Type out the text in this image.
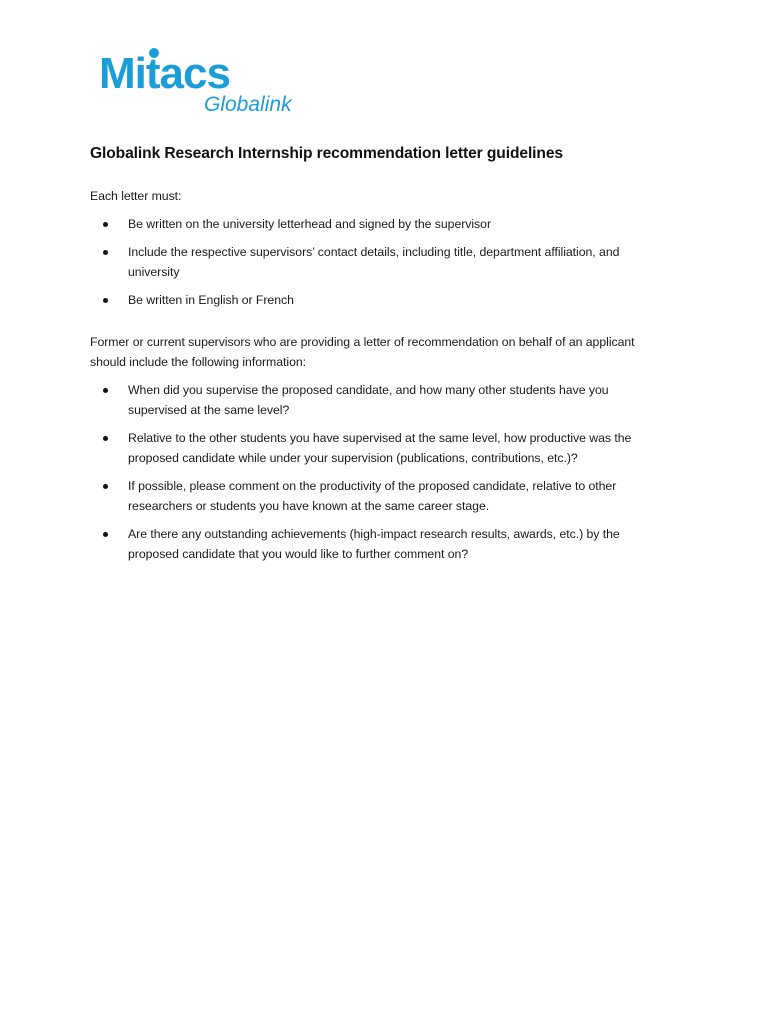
Mitacs
Globalink
Globalink Research Internship recommendation letter guidelines

Each letter must:

Be written on the university letterhead and signed by the supervisor
Include the respective supervisors’ contact details, including title, department affiliation, and university
Be written in English or French

Former or current supervisors who are providing a letter of recommendation on behalf of an applicant should include the following information:

When did you supervise the proposed candidate, and how many other students have you supervised at the same level?
Relative to the other students you have supervised at the same level, how productive was the proposed candidate while under your supervision (publications, contributions, etc.)?
If possible, please comment on the productivity of the proposed candidate, relative to other researchers or students you have known at the same career stage.
Are there any outstanding achievements (high-impact research results, awards, etc.) by the proposed candidate that you would like to further comment on?
